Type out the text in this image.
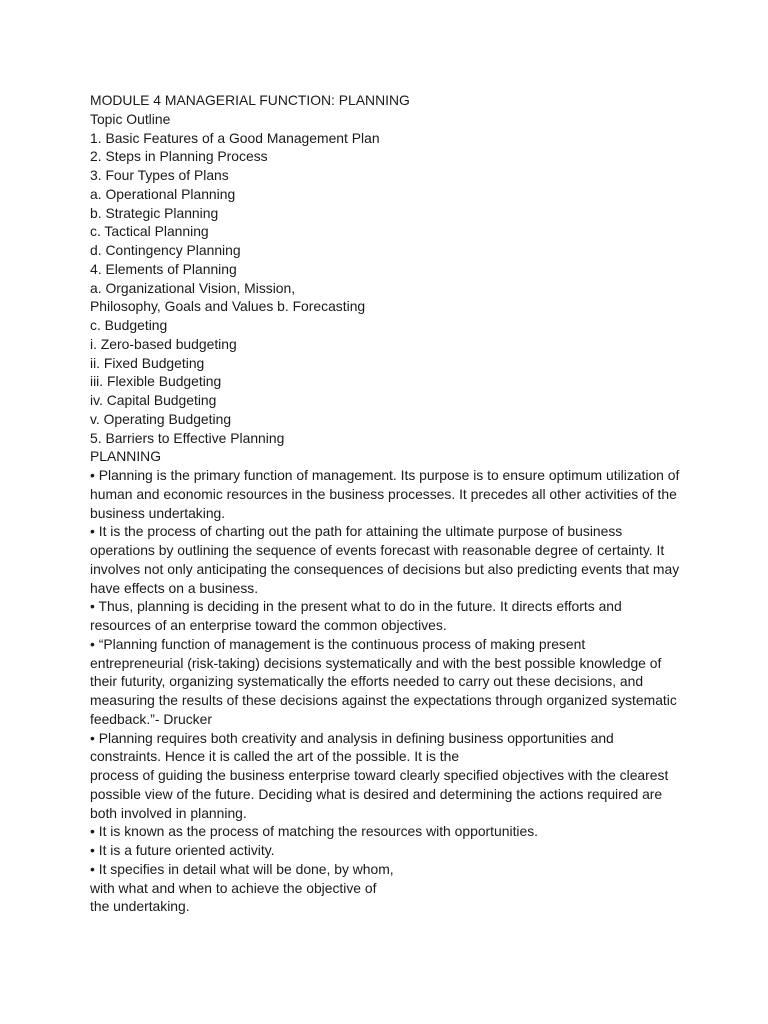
MODULE 4 MANAGERIAL FUNCTION: PLANNING
Topic Outline
1. Basic Features of a Good Management Plan
2. Steps in Planning Process
3. Four Types of Plans
a. Operational Planning
b. Strategic Planning
c. Tactical Planning
d. Contingency Planning
4. Elements of Planning
a. Organizational Vision, Mission,
Philosophy, Goals and Values b. Forecasting
c. Budgeting
i. Zero-based budgeting
ii. Fixed Budgeting
iii. Flexible Budgeting
iv. Capital Budgeting
v. Operating Budgeting
5. Barriers to Effective Planning
PLANNING
• Planning is the primary function of management. Its purpose is to ensure optimum utilization of
human and economic resources in the business processes. It precedes all other activities of the
business undertaking.
• It is the process of charting out the path for attaining the ultimate purpose of business
operations by outlining the sequence of events forecast with reasonable degree of certainty. It
involves not only anticipating the consequences of decisions but also predicting events that may
have effects on a business.
• Thus, planning is deciding in the present what to do in the future. It directs efforts and
resources of an enterprise toward the common objectives.
• “Planning function of management is the continuous process of making present
entrepreneurial (risk-taking) decisions systematically and with the best possible knowledge of
their futurity, organizing systematically the efforts needed to carry out these decisions, and
measuring the results of these decisions against the expectations through organized systematic
feedback.”- Drucker
• Planning requires both creativity and analysis in defining business opportunities and
constraints. Hence it is called the art of the possible. It is the
process of guiding the business enterprise toward clearly specified objectives with the clearest
possible view of the future. Deciding what is desired and determining the actions required are
both involved in planning.
• It is known as the process of matching the resources with opportunities.
• It is a future oriented activity.
• It specifies in detail what will be done, by whom,
with what and when to achieve the objective of
the undertaking.
